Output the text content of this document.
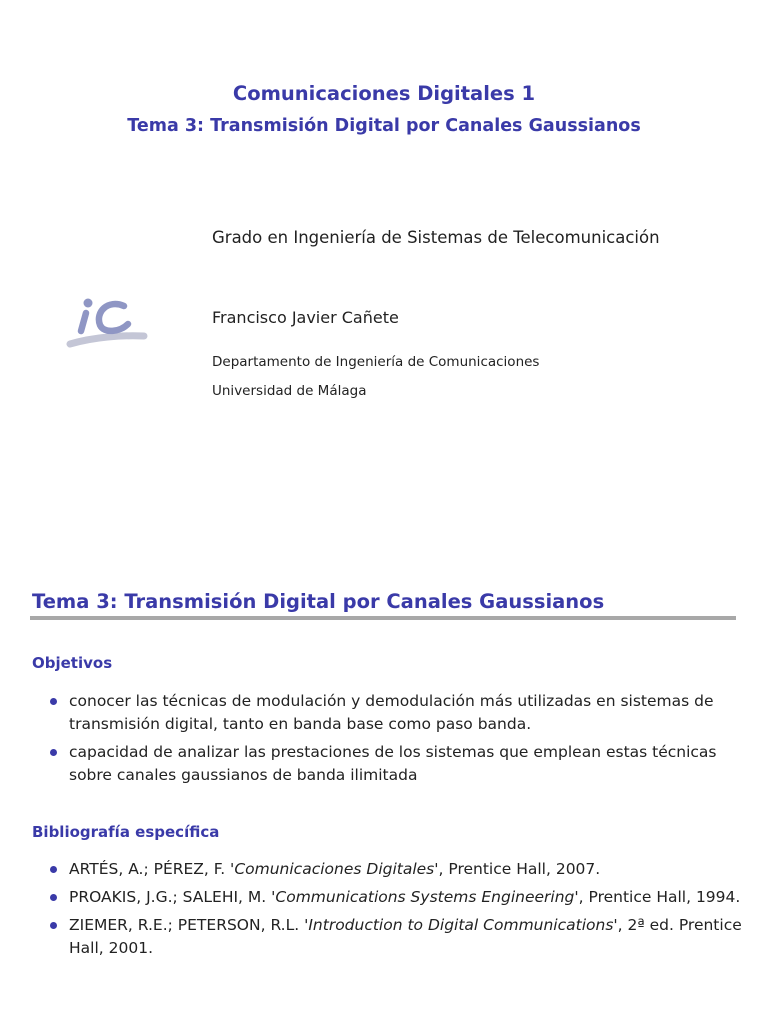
Comunicaciones Digitales 1
Tema 3: Transmisión Digital por Canales Gaussianos
Grado en Ingeniería de Sistemas de Telecomunicación
Francisco Javier Cañete
Departamento de Ingeniería de Comunicaciones
Universidad de Málaga
Tema 3: Transmisión Digital por Canales Gaussianos
Objetivos
conocer las técnicas de modulación y demodulación más utilizadas en sistemas de transmisión digital, tanto en banda base como paso banda.
capacidad de analizar las prestaciones de los sistemas que emplean estas técnicas sobre canales gaussianos de banda ilimitada
Bibliografía específica
ARTÉS, A.; PÉREZ, F. 'Comunicaciones Digitales', Prentice Hall, 2007.
PROAKIS, J.G.; SALEHI, M. 'Communications Systems Engineering', Prentice Hall, 1994.
ZIEMER, R.E.; PETERSON, R.L. 'Introduction to Digital Communications', 2ª ed. Prentice Hall, 2001.
